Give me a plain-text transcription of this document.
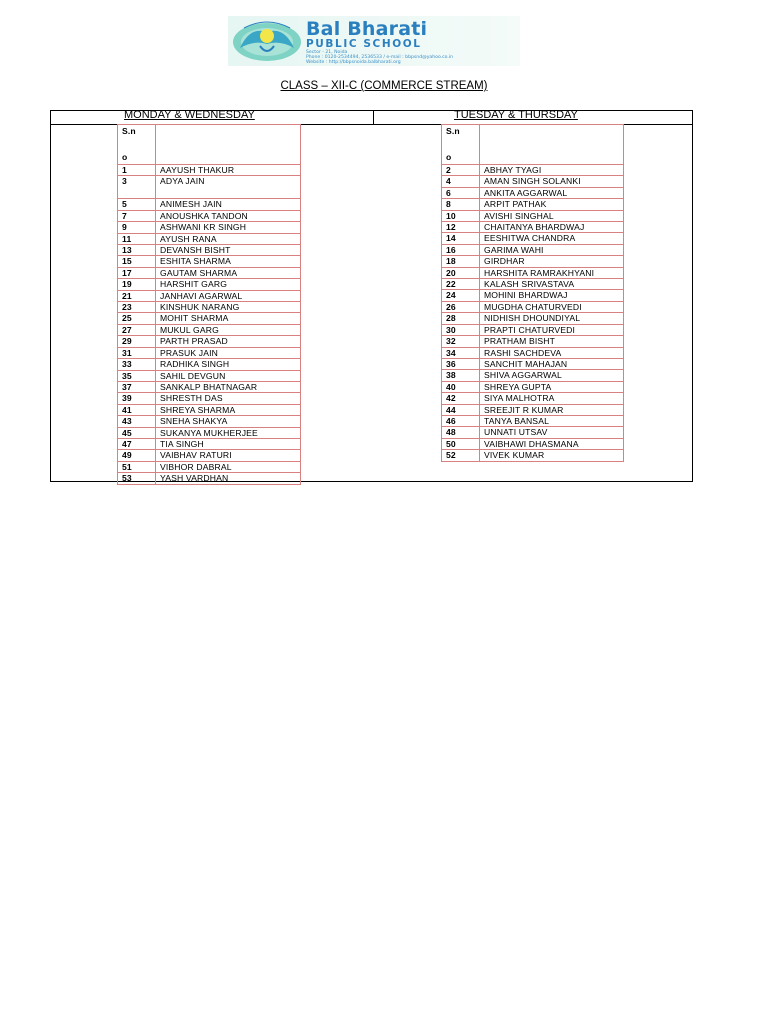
Bal Bharati
PUBLIC SCHOOL
Sector - 21, Noida
Phone : 0120-2534494, 2536533 / e-mail : bbpsnd@yahoo.co.in
Website : http://bbpsnoida.balbharati.org
CLASS – XII-C (COMMERCE STREAM)
MONDAY & WEDNESDAY	TUESDAY & THURSDAY
S.n

o	
1	AAYUSH THAKUR
3	ADYA JAIN
5	ANIMESH JAIN
7	ANOUSHKA TANDON
9	ASHWANI KR SINGH
11	AYUSH RANA
13	DEVANSH BISHT
15	ESHITA SHARMA
17	GAUTAM SHARMA
19	HARSHIT GARG
21	JANHAVI AGARWAL
23	KINSHUK NARANG
25	MOHIT SHARMA
27	MUKUL GARG
29	PARTH PRASAD
31	PRASUK JAIN
33	RADHIKA SINGH
35	SAHIL DEVGUN
37	SANKALP BHATNAGAR
39	SHRESTH DAS
41	SHREYA SHARMA
43	SNEHA SHAKYA
45	SUKANYA MUKHERJEE
47	TIA SINGH
49	VAIBHAV RATURI
51	VIBHOR DABRAL
53	YASH VARDHAN
S.n

o	
2	ABHAY TYAGI
4	AMAN SINGH SOLANKI
6	ANKITA AGGARWAL
8	ARPIT PATHAK
10	AVISHI SINGHAL
12	CHAITANYA BHARDWAJ
14	EESHITWA CHANDRA
16	GARIMA WAHI
18	GIRDHAR
20	HARSHITA RAMRAKHYANI
22	KALASH SRIVASTAVA
24	MOHINI BHARDWAJ
26	MUGDHA CHATURVEDI
28	NIDHISH DHOUNDIYAL
30	PRAPTI CHATURVEDI
32	PRATHAM BISHT
34	RASHI SACHDEVA
36	SANCHIT MAHAJAN
38	SHIVA AGGARWAL
40	SHREYA GUPTA
42	SIYA MALHOTRA
44	SREEJIT R KUMAR
46	TANYA BANSAL
48	UNNATI UTSAV
50	VAIBHAWI DHASMANA
52	VIVEK KUMAR
